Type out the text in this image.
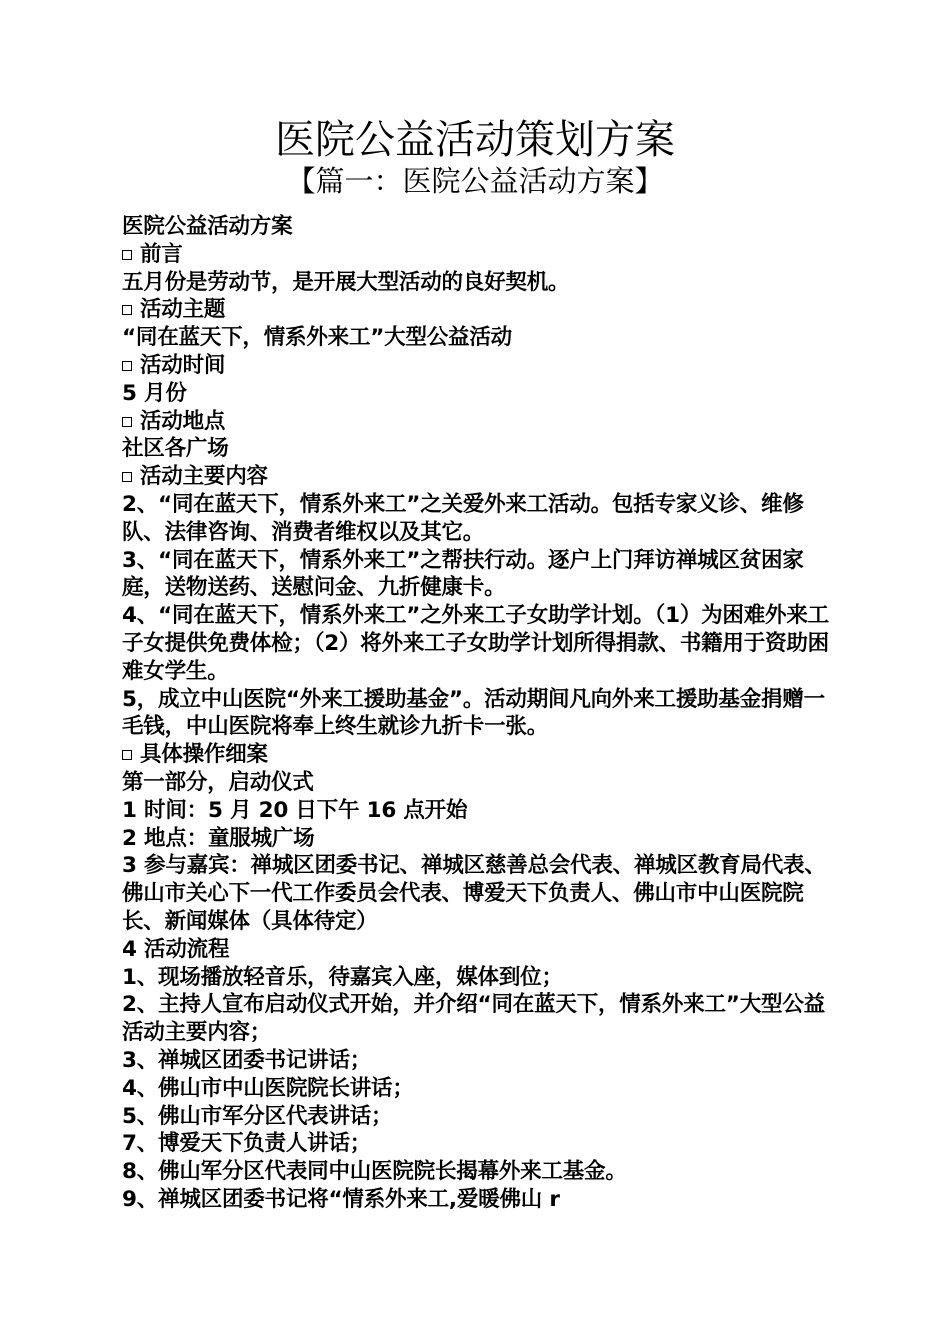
医院公益活动策划方案
【篇一：医院公益活动方案】
医院公益活动方案
前言
五月份是劳动节，是开展大型活动的良好契机。
活动主题
“同在蓝天下，情系外来工”大型公益活动
活动时间
5 月份
活动地点
社区各广场
活动主要内容
2、“同在蓝天下，情系外来工”之关爱外来工活动。包括专家义诊、维修队、法律咨询、消费者维权以及其它。
3、“同在蓝天下，情系外来工”之帮扶行动。逐户上门拜访禅城区贫困家庭，送物送药、送慰问金、九折健康卡。
4、“同在蓝天下，情系外来工”之外来工子女助学计划。（1）为困难外来工子女提供免费体检；（2）将外来工子女助学计划所得捐款、书籍用于资助困难女学生。
5，成立中山医院“外来工援助基金”。活动期间凡向外来工援助基金捐赠一毛钱，中山医院将奉上终生就诊九折卡一张。
具体操作细案
第一部分，启动仪式
1 时间：5 月 20 日下午 16 点开始
2 地点：童服城广场
3 参与嘉宾：禅城区团委书记、禅城区慈善总会代表、禅城区教育局代表、佛山市关心下一代工作委员会代表、博爱天下负责人、佛山市中山医院院长、新闻媒体（具体待定）
4 活动流程
1、现场播放轻音乐，待嘉宾入座，媒体到位；
2、主持人宣布启动仪式开始，并介绍“同在蓝天下，情系外来工”大型公益活动主要内容；
3、禅城区团委书记讲话；
4、佛山市中山医院院长讲话；
5、佛山市军分区代表讲话；
7、博爱天下负责人讲话；
8、佛山军分区代表同中山医院院长揭幕外来工基金。
9、禅城区团委书记将“情系外来工,爱暖佛山 r
